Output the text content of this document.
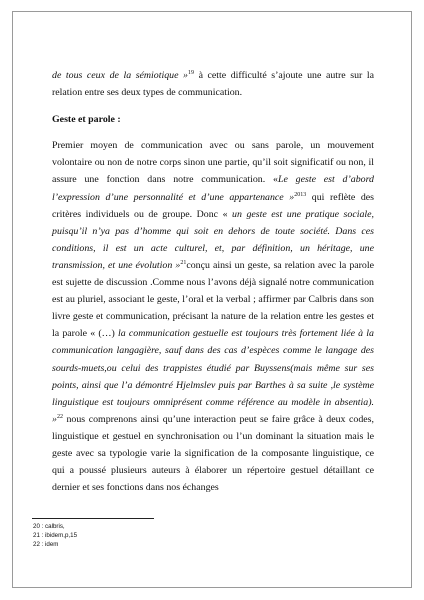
de tous ceux de la sémiotique »$^{19}$ à cette difficulté s’ajoute une autre sur la relation entre ses deux types de communication.

Geste et parole :

Premier moyen de communication avec ou sans parole, un mouvement volontaire ou non de notre corps sinon une partie, qu’il soit significatif ou non, il assure une fonction dans notre communication. «Le geste est d’abord l’expression d’une personnalité et d’une appartenance »$^{2013}$ qui reflète des critères individuels ou de groupe. Donc « un geste est une pratique sociale, puisqu’il n’ya pas d’homme qui soit en dehors de toute société. Dans ces conditions, il est un acte culturel, et, par définition, un héritage, une transmission, et une évolution »$^{21}$conçu ainsi un geste, sa relation avec la parole est sujette de discussion .Comme nous l’avons déjà signalé notre communication est au pluriel, associant le geste, l’oral et la verbal ; affirmer par Calbris dans son livre geste et communication, précisant la nature de la relation entre les gestes et la parole « (…) la communication gestuelle est toujours très fortement liée à la communication langagière, sauf dans des cas d’espèces comme le langage des sourds-muets,ou celui des trappistes étudié par Buyssens(mais même sur ses points, ainsi que l’a démontré Hjelmslev puis par Barthes à sa suite ,le système linguistique est toujours omniprésent comme référence au modèle in absentia). »$^{22}$ nous comprenons ainsi qu’une interaction peut se faire grâce à deux codes, linguistique et gestuel en synchronisation ou l’un dominant la situation mais le geste avec sa typologie varie la signification de la composante linguistique, ce qui a poussé plusieurs auteurs à élaborer un répertoire gestuel détaillant ce dernier et ses fonctions dans nos échanges

20 : calbris,
21 : ibidem,p,15
22 : idem
